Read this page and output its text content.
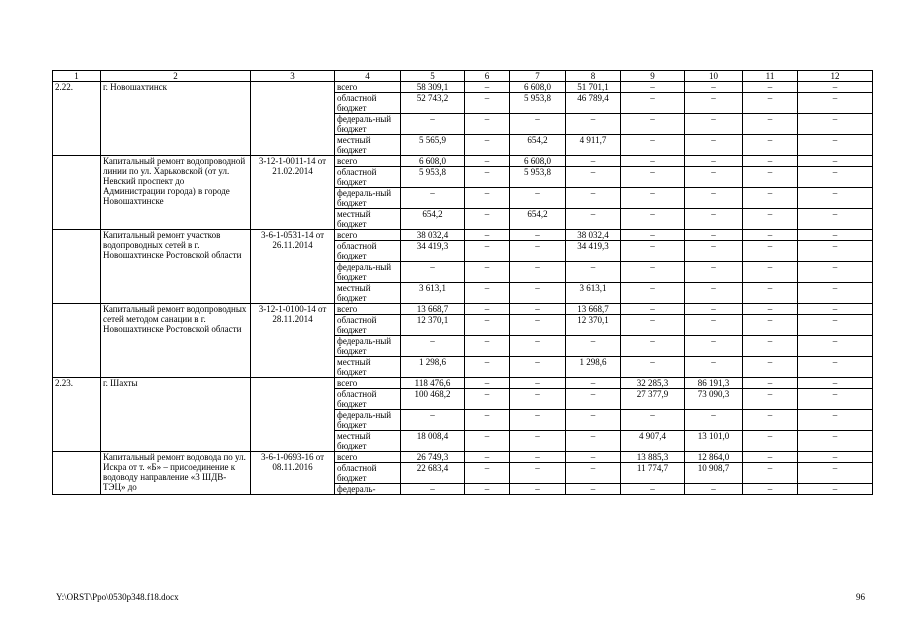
1	2	3	4	5	6	7	8	9	10	11	12
2.22.	г. Новошахтинск		всего	58 309,1	–	6 608,0	51 701,1	–	–	–	–
			областной бюджет	52 743,2	–	5 953,8	46 789,4	–	–	–	–
			федераль-ный бюджет	–	–	–	–	–	–	–	–
			местный бюджет	5 565,9	–	654,2	4 911,7	–	–	–	–
	Капитальный ремонт водопроводной линии по ул. Харьковской (от ул. Невский проспект до Администрации города) в городе Новошахтинске	3-12-1-0011-14 от 21.02.2014	всего	6 608,0	–	6 608,0	–	–	–	–	–
			областной бюджет	5 953,8	–	5 953,8	–	–	–	–	–
			федераль-ный бюджет	–	–	–	–	–	–	–	–
			местный бюджет	654,2	–	654,2	–	–	–	–	–
	Капитальный ремонт участков водопроводных сетей в г. Новошахтинске Ростовской области	3-6-1-0531-14 от 26.11.2014	всего	38 032,4	–	–	38 032,4	–	–	–	–
			областной бюджет	34 419,3	–	–	34 419,3	–	–	–	–
			федераль-ный бюджет	–	–	–	–	–	–	–	–
			местный бюджет	3 613,1	–	–	3 613,1	–	–	–	–
	Капитальный ремонт водопроводных сетей методом санации в г. Новошахтинске Ростовской области	3-12-1-0100-14 от 28.11.2014	всего	13 668,7	–	–	13 668,7	–	–	–	–
			областной бюджет	12 370,1	–	–	12 370,1	–	–	–	–
			федераль-ный бюджет	–	–	–	–	–	–	–	–
			местный бюджет	1 298,6	–	–	1 298,6	–	–	–	–
2.23.	г. Шахты		всего	118 476,6	–	–	–	32 285,3	86 191,3	–	–
			областной бюджет	100 468,2	–	–	–	27 377,9	73 090,3	–	–
			федераль-ный бюджет	–	–	–	–	–	–	–	–
			местный бюджет	18 008,4	–	–	–	4 907,4	13 101,0	–	–
	Капитальный ремонт водовода по ул. Искра от т. «Б» – присоединение к водоводу направление «3 ШДВ-ТЭЦ» до	3-6-1-0693-16 от 08.11.2016	всего	26 749,3	–	–	–	13 885,3	12 864,0	–	–
			областной бюджет	22 683,4	–	–	–	11 774,7	10 908,7	–	–
			федераль-	–	–	–	–	–	–	–	–
Y:\ORST\Ppo\0530p348.f18.docx	96
